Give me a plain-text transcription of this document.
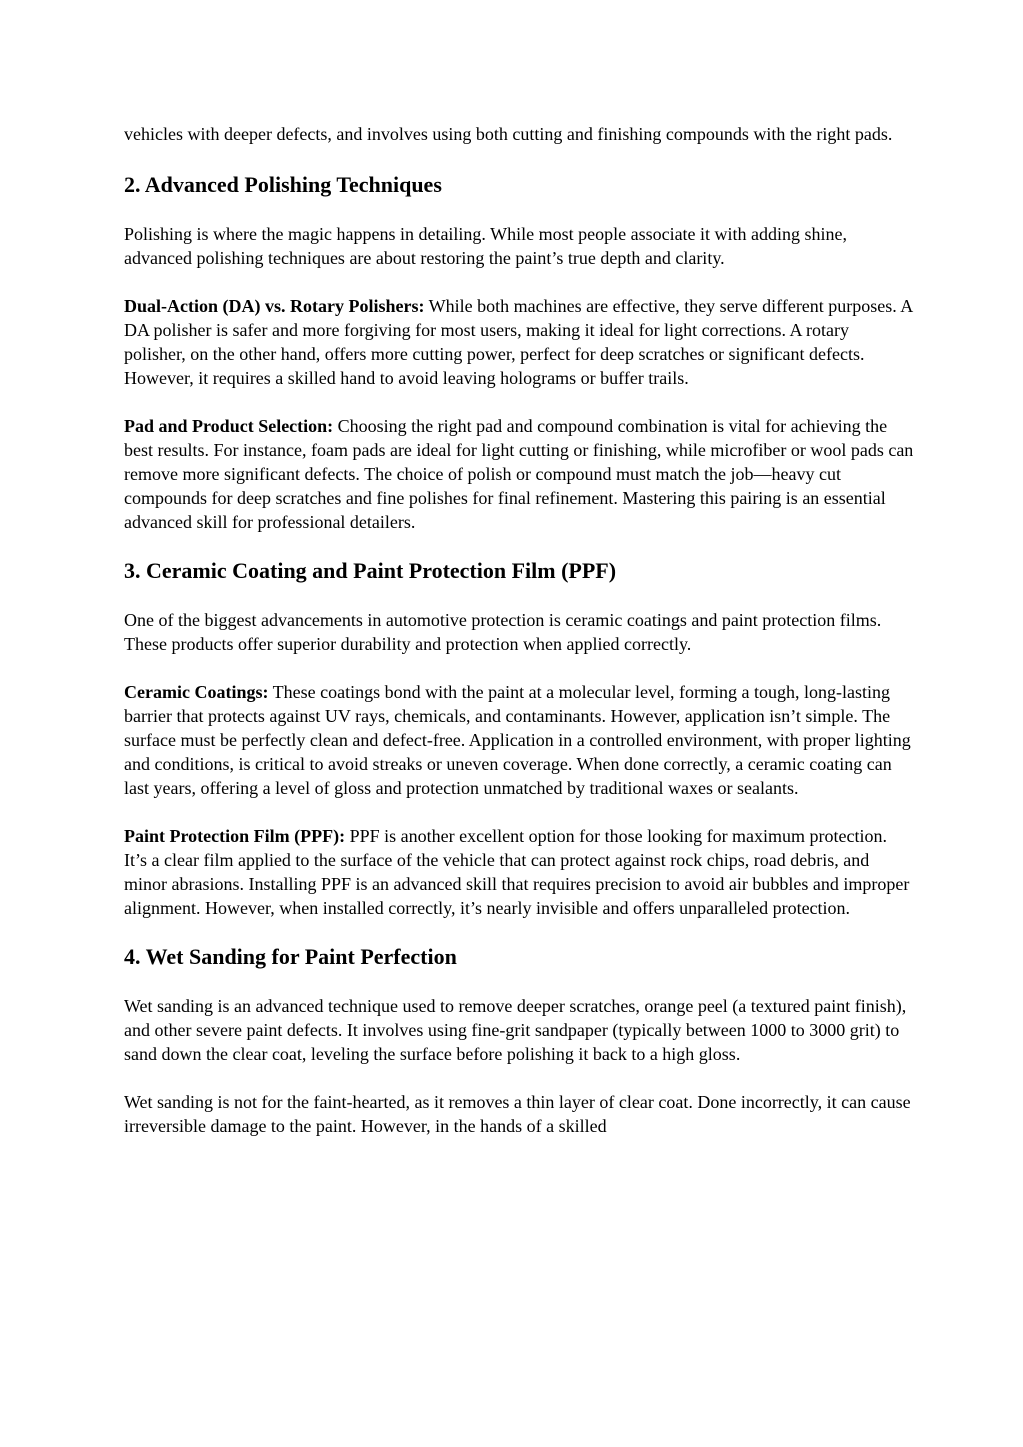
vehicles with deeper defects, and involves using both cutting and finishing compounds with the right pads.

2. Advanced Polishing Techniques

Polishing is where the magic happens in detailing. While most people associate it with adding shine, advanced polishing techniques are about restoring the paint’s true depth and clarity.

Dual-Action (DA) vs. Rotary Polishers: While both machines are effective, they serve different purposes. A DA polisher is safer and more forgiving for most users, making it ideal for light corrections. A rotary polisher, on the other hand, offers more cutting power, perfect for deep scratches or significant defects. However, it requires a skilled hand to avoid leaving holograms or buffer trails.

Pad and Product Selection: Choosing the right pad and compound combination is vital for achieving the best results. For instance, foam pads are ideal for light cutting or finishing, while microfiber or wool pads can remove more significant defects. The choice of polish or compound must match the job—heavy cut compounds for deep scratches and fine polishes for final refinement. Mastering this pairing is an essential advanced skill for professional detailers.

3. Ceramic Coating and Paint Protection Film (PPF)

One of the biggest advancements in automotive protection is ceramic coatings and paint protection films. These products offer superior durability and protection when applied correctly.

Ceramic Coatings: These coatings bond with the paint at a molecular level, forming a tough, long-lasting barrier that protects against UV rays, chemicals, and contaminants. However, application isn’t simple. The surface must be perfectly clean and defect-free. Application in a controlled environment, with proper lighting and conditions, is critical to avoid streaks or uneven coverage. When done correctly, a ceramic coating can last years, offering a level of gloss and protection unmatched by traditional waxes or sealants.

Paint Protection Film (PPF): PPF is another excellent option for those looking for maximum protection. It’s a clear film applied to the surface of the vehicle that can protect against rock chips, road debris, and minor abrasions. Installing PPF is an advanced skill that requires precision to avoid air bubbles and improper alignment. However, when installed correctly, it’s nearly invisible and offers unparalleled protection.

4. Wet Sanding for Paint Perfection

Wet sanding is an advanced technique used to remove deeper scratches, orange peel (a textured paint finish), and other severe paint defects. It involves using fine-grit sandpaper (typically between 1000 to 3000 grit) to sand down the clear coat, leveling the surface before polishing it back to a high gloss.

Wet sanding is not for the faint-hearted, as it removes a thin layer of clear coat. Done incorrectly, it can cause irreversible damage to the paint. However, in the hands of a skilled
